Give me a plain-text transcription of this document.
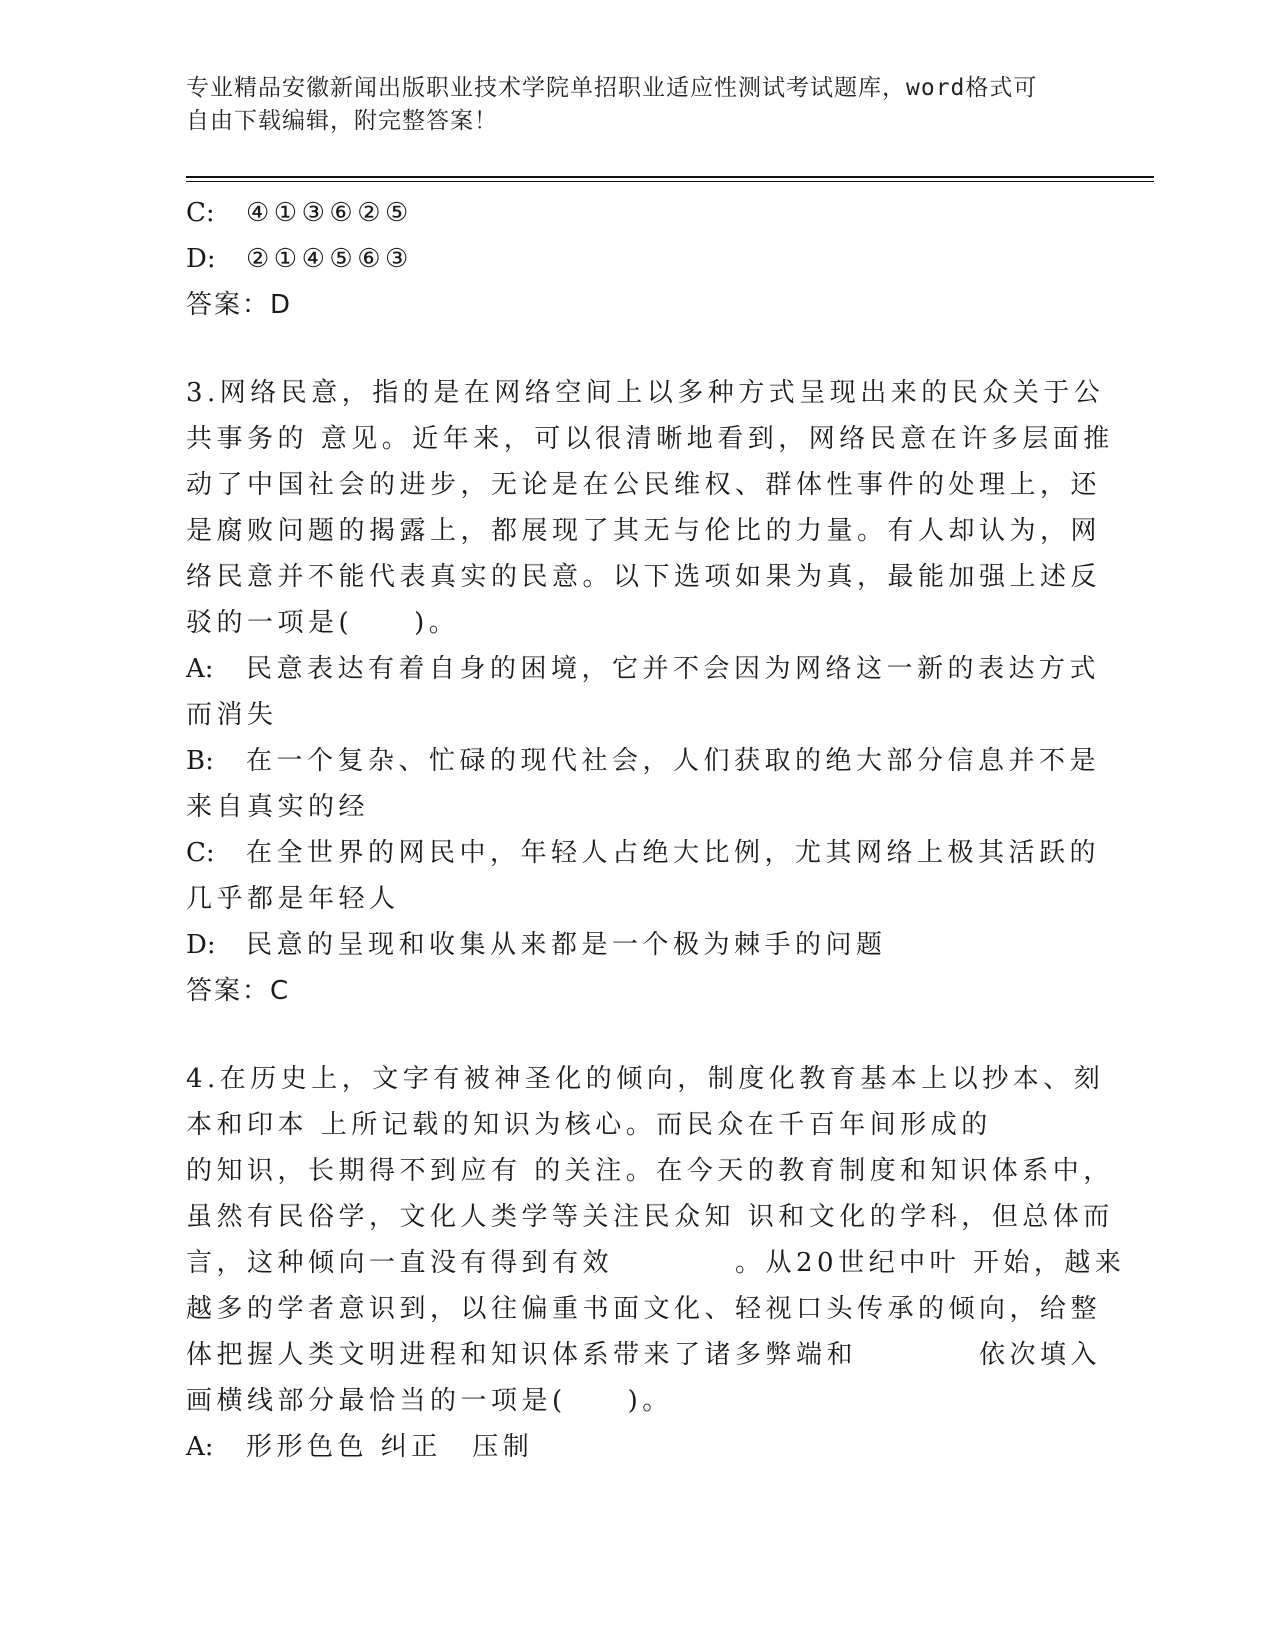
专业精品安徽新闻出版职业技术学院单招职业适应性测试考试题库，word格式可
自由下载编辑，附完整答案！
C: ④①③⑥②⑤
D: ②①④⑤⑥③
答案：D
3.网络民意，指的是在网络空间上以多种方式呈现出来的民众关于公
共事务的 意见。近年来，可以很清晰地看到，网络民意在许多层面推
动了中国社会的进步，无论是在公民维权、群体性事件的处理上，还
是腐败问题的揭露上，都展现了其无与伦比的力量。有人却认为，网
络民意并不能代表真实的民意。以下选项如果为真，最能加强上述反
驳的一项是(　　)。
A: 民意表达有着自身的困境，它并不会因为网络这一新的表达方式
而消失
B: 在一个复杂、忙碌的现代社会，人们获取的绝大部分信息并不是
来自真实的经
C: 在全世界的网民中，年轻人占绝大比例，尤其网络上极其活跃的
几乎都是年轻人
D: 民意的呈现和收集从来都是一个极为棘手的问题
答案：C
4.在历史上，文字有被神圣化的倾向，制度化教育基本上以抄本、刻
本和印本 上所记载的知识为核心。而民众在千百年间形成的
的知识，长期得不到应有 的关注。在今天的教育制度和知识体系中，
虽然有民俗学，文化人类学等关注民众知 识和文化的学科，但总体而
言，这种倾向一直没有得到有效　　　　。从20世纪中叶 开始，越来
越多的学者意识到，以往偏重书面文化、轻视口头传承的倾向，给整
体把握人类文明进程和知识体系带来了诸多弊端和　　　　依次填入
画横线部分最恰当的一项是(　　)。
A: 形形色色 纠正　压制
